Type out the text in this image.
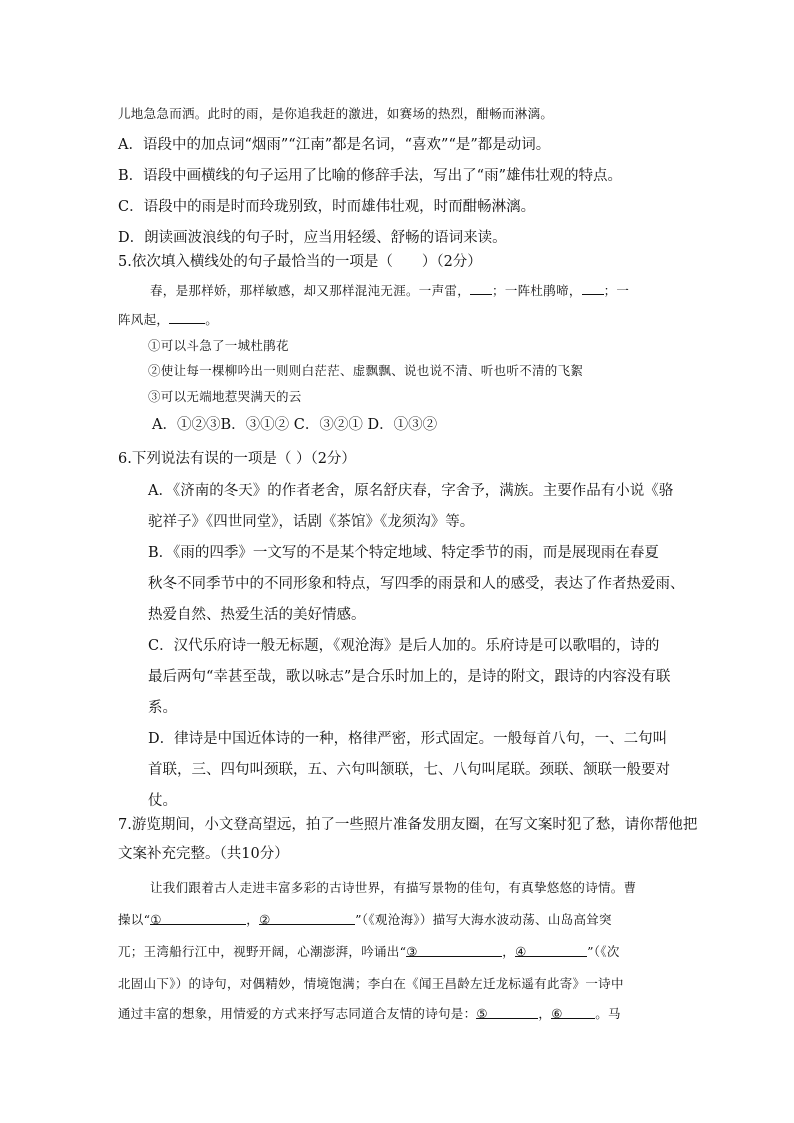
儿地急急而洒。此时的雨，是你追我赶的激进，如赛场的热烈，酣畅而淋漓。
A．语段中的加点词“烟雨”“江南”都是名词，“喜欢”“是”都是动词。
B．语段中画横线的句子运用了比喻的修辞手法，写出了“雨”雄伟壮观的特点。
C．语段中的雨是时而玲珑别致，时而雄伟壮观，时而酣畅淋漓。
D．朗读画波浪线的句子时，应当用轻缓、舒畅的语词来读。
5.依次填入横线处的句子最恰当的一项是（　　）（2分）
春，是那样娇，那样敏感，却又那样混沌无涯。一声雷， ；一阵杜鹃啼， ；一
阵风起，	。
①可以斗急了一城杜鹃花
②使让每一棵柳吟出一则则白茫茫、虚飘飘、说也说不清、听也听不清的飞絮
③可以无端地惹哭满天的云
A．①②③B．③①② C．③②① D．①③②
6.下列说法有误的一项是（ ）（2分）
A．《济南的冬天》的作者老舍，原名舒庆春，字舍予，满族。主要作品有小说《骆
驼祥子》《四世同堂》，话剧《茶馆》《龙须沟》等。
B．《雨的四季》一文写的不是某个特定地域、特定季节的雨，而是展现雨在春夏
秋冬不同季节中的不同形象和特点，写四季的雨景和人的感受，表达了作者热爱雨、
热爱自然、热爱生活的美好情感。
C．汉代乐府诗一般无标题，《观沧海》是后人加的。乐府诗是可以歌唱的，诗的
最后两句“幸甚至哉，歌以咏志”是合乐时加上的，是诗的附文，跟诗的内容没有联
系。
D．律诗是中国近体诗的一种，格律严密，形式固定。一般每首八句，一、二句叫
首联，三、四句叫颈联，五、六句叫颔联，七、八句叫尾联。颈联、颔联一般要对
仗。
7.游览期间，小文登高望远，拍了一些照片准备发朋友圈，在写文案时犯了愁，请你帮他把
文案补充完整。（共10分）
让我们跟着古人走进丰富多彩的古诗世界，有描写景物的佳句，有真挚悠悠的诗情。曹
操以“①	，②	”（《观沧海》）描写大海水波动荡、山岛高耸突
兀；王湾船行江中，视野开阔，心潮澎湃，吟诵出“③	，④	”（《次
北固山下》）的诗句，对偶精妙，情境饱满；李白在《闻王昌龄左迁龙标遥有此寄》一诗中
通过丰富的想象，用情爱的方式来抒写志同道合友情的诗句是：⑤	，⑥	。马
